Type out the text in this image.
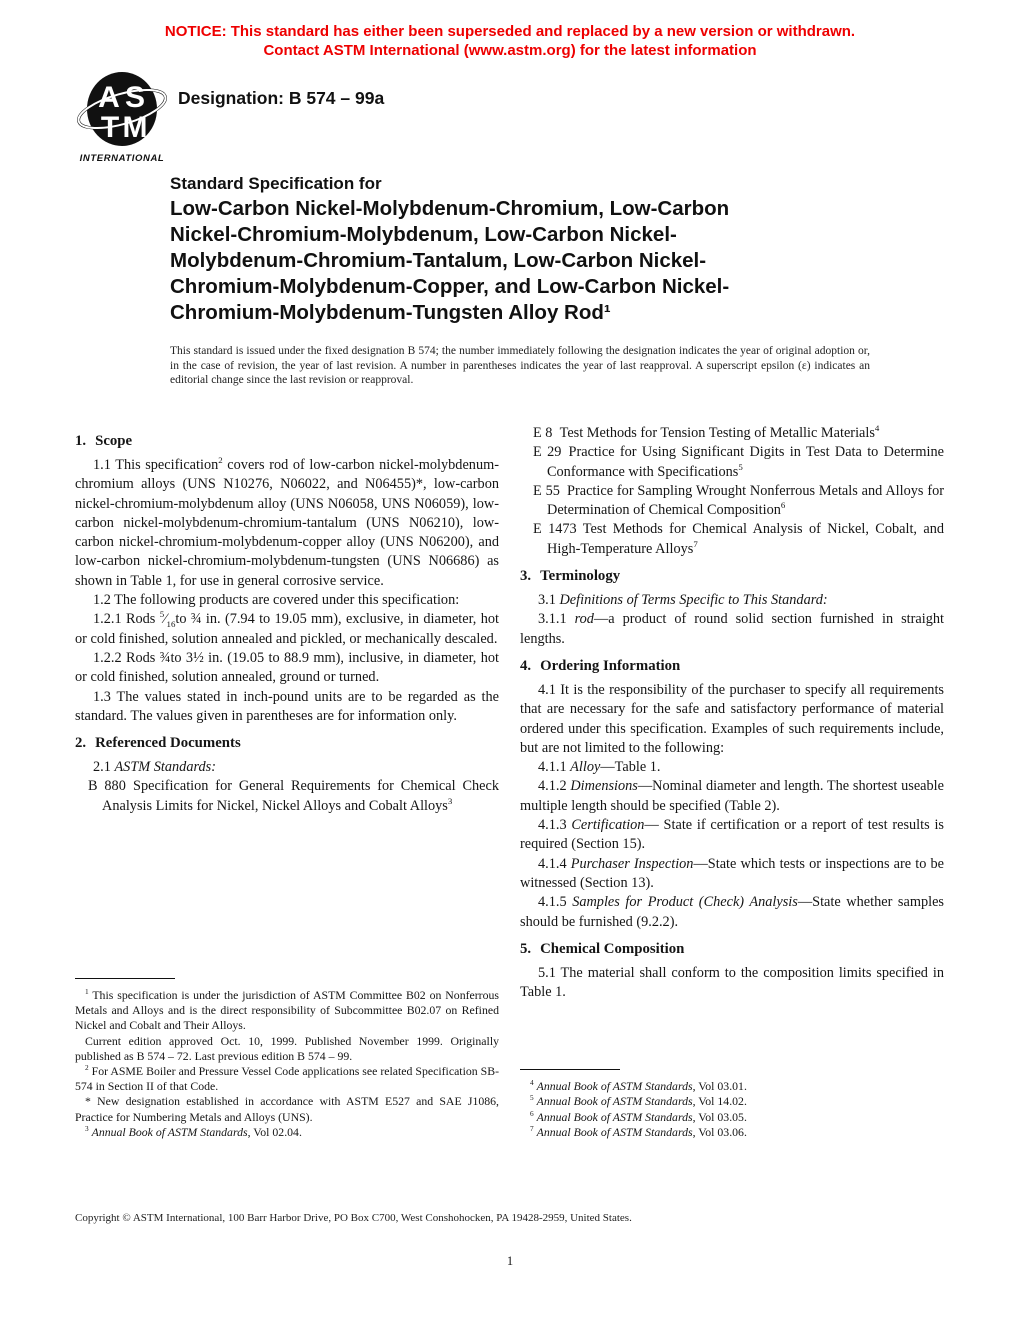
NOTICE: This standard has either been superseded and replaced by a new version or withdrawn.
Contact ASTM International (www.astm.org) for the latest information
A S
T M
INTERNATIONAL
Designation: B 574 – 99a
Standard Specification for
Low-Carbon Nickel-Molybdenum-Chromium, Low-Carbon
Nickel-Chromium-Molybdenum, Low-Carbon Nickel-
Molybdenum-Chromium-Tantalum, Low-Carbon Nickel-
Chromium-Molybdenum-Copper, and Low-Carbon Nickel-
Chromium-Molybdenum-Tungsten Alloy Rod¹
This standard is issued under the fixed designation B 574; the number immediately following the designation indicates the year of original adoption or, in the case of revision, the year of last revision. A number in parentheses indicates the year of last reapproval. A superscript epsilon (ε) indicates an editorial change since the last revision or reapproval.
1. Scope

1.1 This specification$^2$ covers rod of low-carbon nickel-molybdenum-chromium alloys (UNS N10276, N06022, and N06455)*, low-carbon nickel-chromium-molybdenum alloy (UNS N06058, UNS N06059), low-carbon nickel-molybdenum-chromium-tantalum (UNS N06210), low-carbon nickel-chromium-molybdenum-copper alloy (UNS N06200), and low-carbon nickel-chromium-molybdenum-tungsten (UNS N06686) as shown in Table 1, for use in general corrosive service.

1.2 The following products are covered under this specification:

1.2.1 Rods $^5⁄_{16}to$ ¾ in. (7.94 to 19.05 mm), exclusive, in diameter, hot or cold finished, solution annealed and pickled, or mechanically descaled.

1.2.2 Rods ¾to 3½ in. (19.05 to 88.9 mm), inclusive, in diameter, hot or cold finished, solution annealed, ground or turned.

1.3 The values stated in inch-pound units are to be regarded as the standard. The values given in parentheses are for information only.

2. Referenced Documents

2.1 ASTM Standards:

B 880 Specification for General Requirements for Chemical Check Analysis Limits for Nickel, Nickel Alloys and Cobalt Alloys$^3$

$^1$ This specification is under the jurisdiction of ASTM Committee B02 on Nonferrous Metals and Alloys and is the direct responsibility of Subcommittee B02.07 on Refined Nickel and Cobalt and Their Alloys.

Current edition approved Oct. 10, 1999. Published November 1999. Originally published as B 574 – 72. Last previous edition B 574 – 99.

$^2$ For ASME Boiler and Pressure Vessel Code applications see related Specification SB-574 in Section II of that Code.

* New designation established in accordance with ASTM E527 and SAE J1086, Practice for Numbering Metals and Alloys (UNS).

$^3$ Annual Book of ASTM Standards, Vol 02.04.

E 8 Test Methods for Tension Testing of Metallic Materials$^4$

E 29 Practice for Using Significant Digits in Test Data to Determine Conformance with Specifications$^5$

E 55 Practice for Sampling Wrought Nonferrous Metals and Alloys for Determination of Chemical Composition$^6$

E 1473 Test Methods for Chemical Analysis of Nickel, Cobalt, and High-Temperature Alloys$^7$

3. Terminology

3.1 Definitions of Terms Specific to This Standard:

3.1.1 rod—a product of round solid section furnished in straight lengths.

4. Ordering Information

4.1 It is the responsibility of the purchaser to specify all requirements that are necessary for the safe and satisfactory performance of material ordered under this specification. Examples of such requirements include, but are not limited to the following:

4.1.1 Alloy—Table 1.

4.1.2 Dimensions—Nominal diameter and length. The shortest useable multiple length should be specified (Table 2).

4.1.3 Certification— State if certification or a report of test results is required (Section 15).

4.1.4 Purchaser Inspection—State which tests or inspections are to be witnessed (Section 13).

4.1.5 Samples for Product (Check) Analysis—State whether samples should be furnished (9.2.2).

5. Chemical Composition

5.1 The material shall conform to the composition limits specified in Table 1.

$^4$ Annual Book of ASTM Standards, Vol 03.01.

$^5$ Annual Book of ASTM Standards, Vol 14.02.

$^6$ Annual Book of ASTM Standards, Vol 03.05.

$^7$ Annual Book of ASTM Standards, Vol 03.06.

Copyright © ASTM International, 100 Barr Harbor Drive, PO Box C700, West Conshohocken, PA 19428-2959, United States.
1
